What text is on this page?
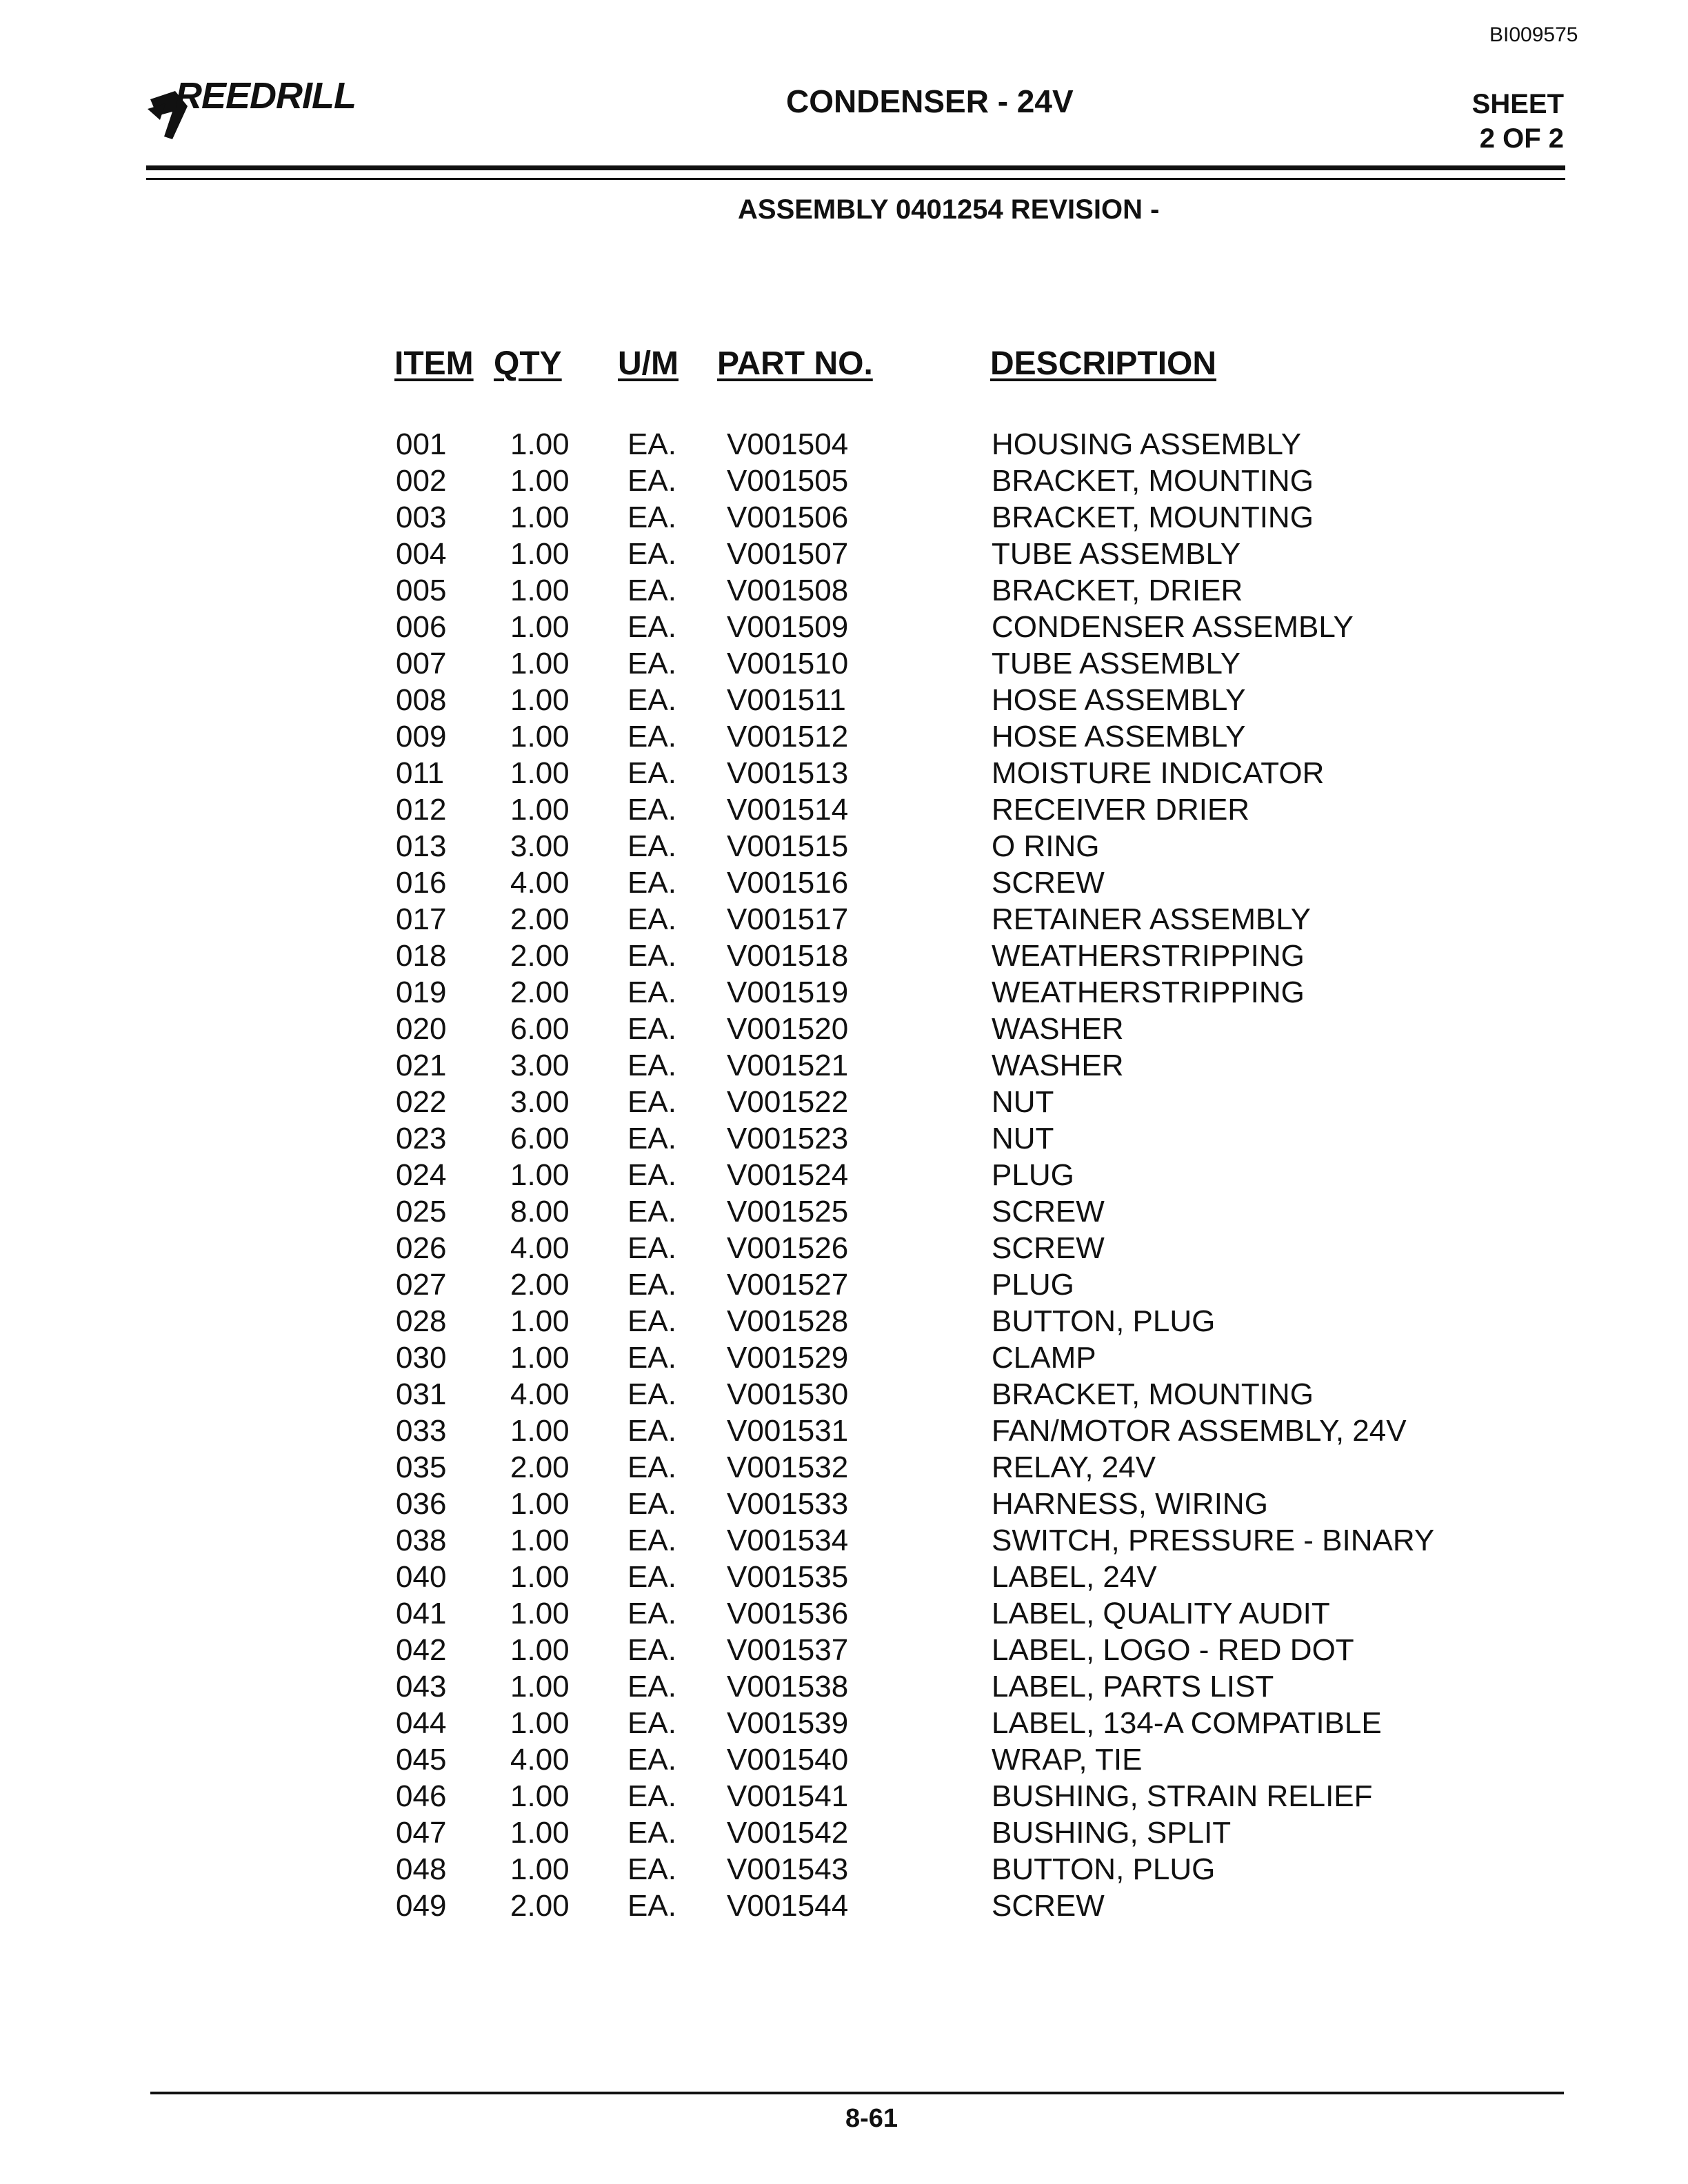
BI009575
REEDRILL	CONDENSER - 24V	SHEET
2 OF 2
ASSEMBLY 0401254 REVISION -
ITEM QTY U/M PART NO.	DESCRIPTION
001 1.00 EA. V001504	HOUSING ASSEMBLY
002 1.00 EA. V001505	BRACKET, MOUNTING
003 1.00 EA. V001506	BRACKET, MOUNTING
004 1.00 EA. V001507	TUBE ASSEMBLY
005 1.00 EA. V001508	BRACKET, DRIER
006 1.00 EA. V001509	CONDENSER ASSEMBLY
007 1.00 EA. V001510	TUBE ASSEMBLY
008 1.00 EA. V001511	HOSE ASSEMBLY
009 1.00 EA. V001512	HOSE ASSEMBLY
011 1.00 EA. V001513	MOISTURE INDICATOR
012 1.00 EA. V001514	RECEIVER DRIER
013 3.00 EA. V001515	O RING
016 4.00 EA. V001516	SCREW
017 2.00 EA. V001517	RETAINER ASSEMBLY
018 2.00 EA. V001518	WEATHERSTRIPPING
019 2.00 EA. V001519	WEATHERSTRIPPING
020 6.00 EA. V001520	WASHER
021 3.00 EA. V001521	WASHER
022 3.00 EA. V001522	NUT
023 6.00 EA. V001523	NUT
024 1.00 EA. V001524	PLUG
025 8.00 EA. V001525	SCREW
026 4.00 EA. V001526	SCREW
027 2.00 EA. V001527	PLUG
028 1.00 EA. V001528	BUTTON, PLUG
030 1.00 EA. V001529	CLAMP
031 4.00 EA. V001530	BRACKET, MOUNTING
033 1.00 EA. V001531	FAN/MOTOR ASSEMBLY, 24V
035 2.00 EA. V001532	RELAY, 24V
036 1.00 EA. V001533	HARNESS, WIRING
038 1.00 EA. V001534	SWITCH, PRESSURE - BINARY
040 1.00 EA. V001535	LABEL, 24V
041 1.00 EA. V001536	LABEL, QUALITY AUDIT
042 1.00 EA. V001537	LABEL, LOGO - RED DOT
043 1.00 EA. V001538	LABEL, PARTS LIST
044 1.00 EA. V001539	LABEL, 134-A COMPATIBLE
045 4.00 EA. V001540	WRAP, TIE
046 1.00 EA. V001541	BUSHING, STRAIN RELIEF
047 1.00 EA. V001542	BUSHING, SPLIT
048 1.00 EA. V001543	BUTTON, PLUG
049 2.00 EA. V001544	SCREW
8-61
